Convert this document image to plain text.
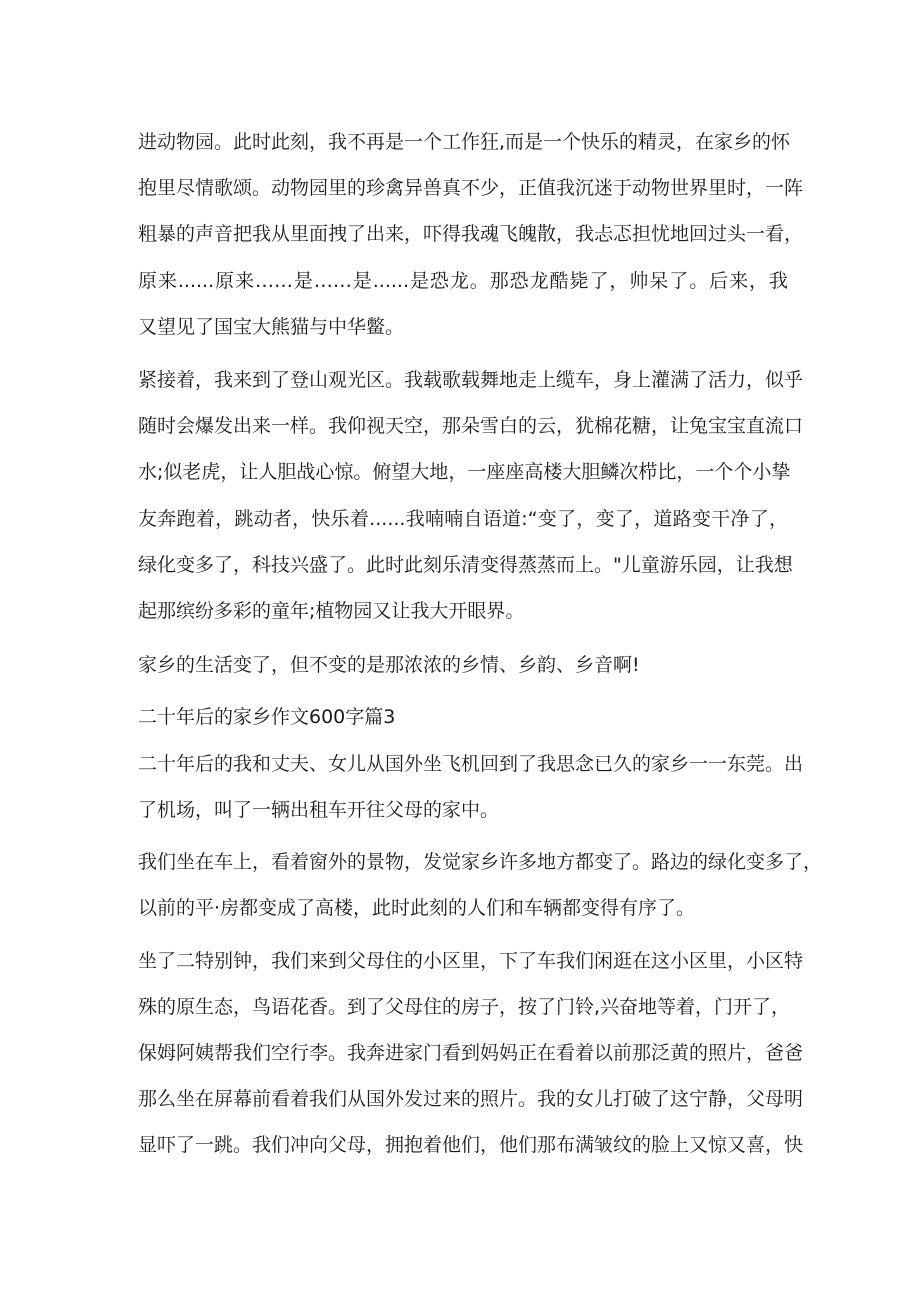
进动物园。此时此刻，我不再是一个工作狂,而是一个快乐的精灵，在家乡的怀
抱里尽情歌颂。动物园里的珍禽异兽真不少，正值我沉迷于动物世界里时，一阵
粗暴的声音把我从里面拽了出来，吓得我魂飞魄散，我忐忑担忧地回过头一看，
原来......原来……是……是......是恐龙。那恐龙酷毙了，帅呆了。后来，我
又望见了国宝大熊猫与中华鳖。
紧接着，我来到了登山观光区。我载歌载舞地走上缆车，身上灌满了活力，似乎
随时会爆发出来一样。我仰视天空，那朵雪白的云，犹棉花糖，让兔宝宝直流口
水;似老虎，让人胆战心惊。俯望大地，一座座高楼大胆鳞次栉比，一个个小挚
友奔跑着，跳动者，快乐着......我喃喃自语道:“变了，变了，道路变干净了，
绿化变多了，科技兴盛了。此时此刻乐清变得蒸蒸而上。"儿童游乐园，让我想
起那缤纷多彩的童年;植物园又让我大开眼界。
家乡的生活变了，但不变的是那浓浓的乡情、乡韵、乡音啊!
二十年后的家乡作文600字篇3
二十年后的我和丈夫、女儿从国外坐飞机回到了我思念已久的家乡一一东莞。出
了机场，叫了一辆出租车开往父母的家中。
我们坐在车上，看着窗外的景物，发觉家乡许多地方都变了。路边的绿化变多了，
以前的平·房都变成了高楼，此时此刻的人们和车辆都变得有序了。
坐了二特别钟，我们来到父母住的小区里，下了车我们闲逛在这小区里，小区特
殊的原生态，鸟语花香。到了父母住的房子，按了门铃,兴奋地等着，门开了，
保姆阿姨帮我们空行李。我奔进家门看到妈妈正在看着以前那泛黄的照片，爸爸
那么坐在屏幕前看着我们从国外发过来的照片。我的女儿打破了这宁静，父母明
显吓了一跳。我们冲向父母，拥抱着他们，他们那布满皱纹的脸上又惊又喜，快
